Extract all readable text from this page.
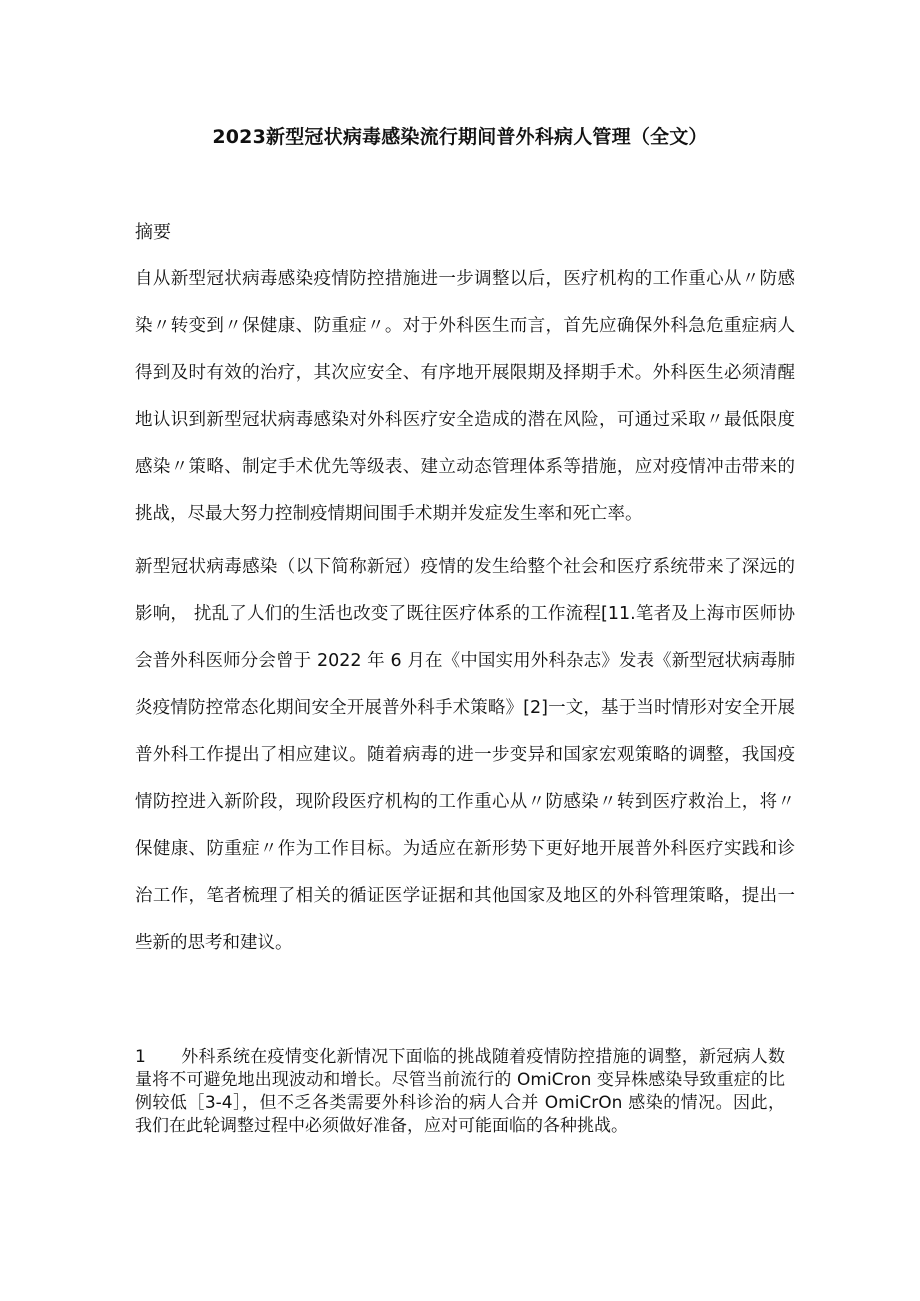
2023新型冠状病毒感染流行期间普外科病人管理（全文）
摘要

自从新型冠状病毒感染疫情防控措施进一步调整以后，医疗机构的工作重心从〃防感染〃转变到〃保健康、防重症〃。对于外科医生而言，首先应确保外科急危重症病人得到及时有效的治疗，其次应安全、有序地开展限期及择期手术。外科医生必须清醒地认识到新型冠状病毒感染对外科医疗安全造成的潜在风险，可通过采取〃最低限度感染〃策略、制定手术优先等级表、建立动态管理体系等措施，应对疫情冲击带来的挑战，尽最大努力控制疫情期间围手术期并发症发生率和死亡率。

新型冠状病毒感染（以下简称新冠）疫情的发生给整个社会和医疗系统带来了深远的影响， 扰乱了人们的生活也改变了既往医疗体系的工作流程[11.笔者及上海市医师协会普外科医师分会曾于 2022 年 6 月在《中国实用外科杂志》发表《新型冠状病毒肺炎疫情防控常态化期间安全开展普外科手术策略》[2]一文，基于当时情形对安全开展普外科工作提出了相应建议。随着病毒的进一步变异和国家宏观策略的调整，我国疫情防控进入新阶段，现阶段医疗机构的工作重心从〃防感染〃转到医疗救治上，将〃保健康、防重症〃作为工作目标。为适应在新形势下更好地开展普外科医疗实践和诊治工作，笔者梳理了相关的循证医学证据和其他国家及地区的外科管理策略，提出一些新的思考和建议。

1 外科系统在疫情变化新情况下面临的挑战随着疫情防控措施的调整，新冠病人数量将不可避免地出现波动和增长。尽管当前流行的 OmiCron 变异株感染导致重症的比例较低［3-4］，但不乏各类需要外科诊治的病人合并 OmiCrOn 感染的情况。因此，我们在此轮调整过程中必须做好准备，应对可能面临的各种挑战。
